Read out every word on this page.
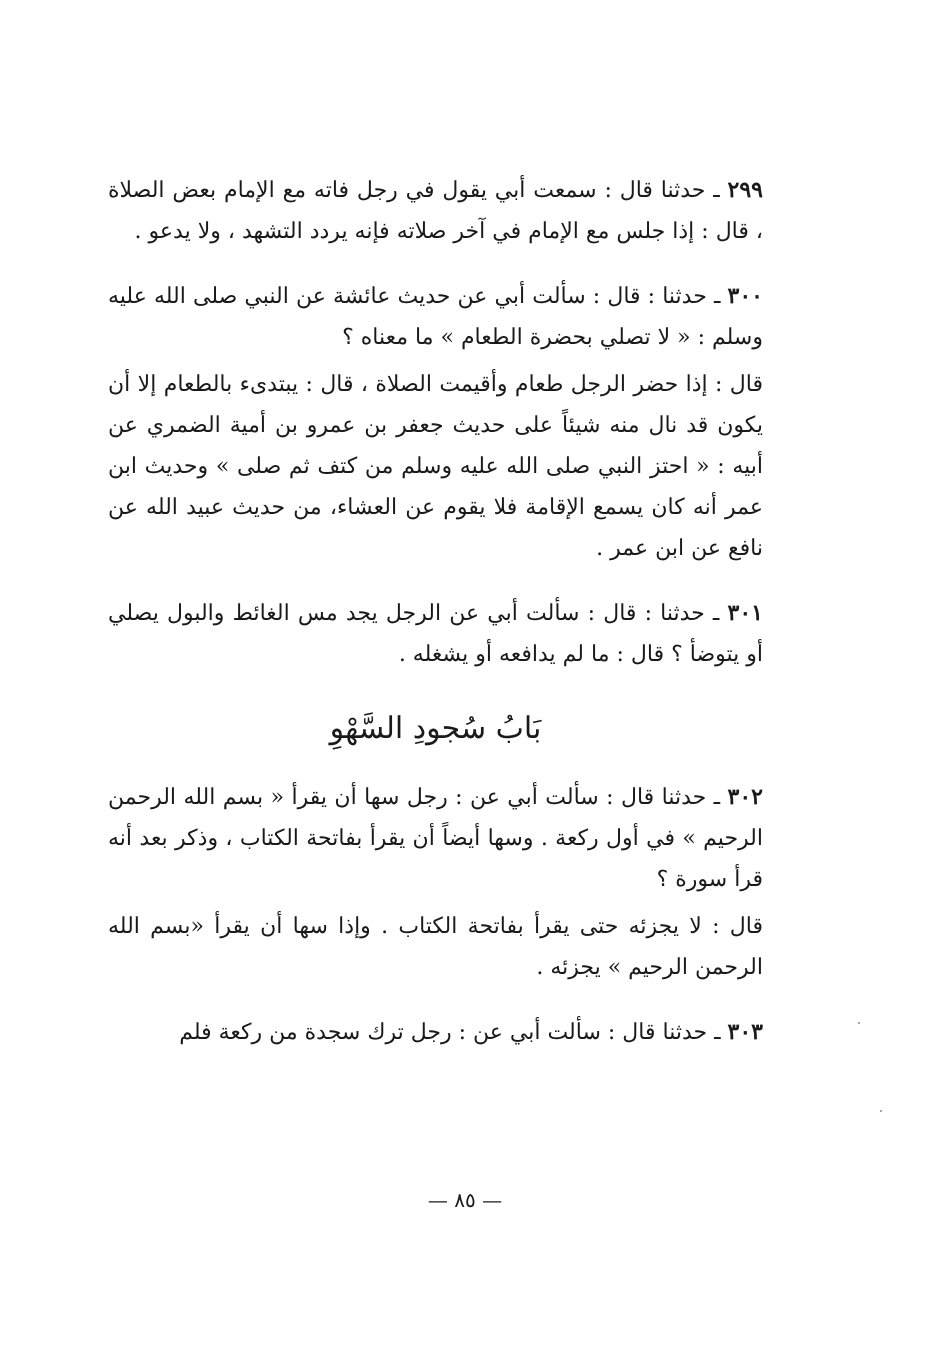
٢٩٩ ـ حدثنا قال : سمعت أبي يقول في رجل فاته مع الإمام بعض الصلاة ، قال : إذا جلس مع الإمام في آخر صلاته فإنه يردد التشهد ، ولا يدعو .

٣٠٠ ـ حدثنا : قال : سألت أبي عن حديث عائشة عن النبي صلى الله عليه وسلم : « لا تصلي بحضرة الطعام » ما معناه ؟

قال : إذا حضر الرجل طعام وأقيمت الصلاة ، قال : يبتدىء بالطعام إلا أن يكون قد نال منه شيئاً على حديث جعفر بن عمرو بن أمية الضمري عن أبيه : « احتز النبي صلى الله عليه وسلم من كتف ثم صلى » وحديث ابن عمر أنه كان يسمع الإقامة فلا يقوم عن العشاء، من حديث عبيد الله عن نافع عن ابن عمر .

٣٠١ ـ حدثنا : قال : سألت أبي عن الرجل يجد مس الغائط والبول يصلي أو يتوضأ ؟ قال : ما لم يدافعه أو يشغله .

بَابُ سُجودِ السَّهْوِ

٣٠٢ ـ حدثنا قال : سألت أبي عن : رجل سها أن يقرأ « بسم الله الرحمن الرحيم » في أول ركعة . وسها أيضاً أن يقرأ بفاتحة الكتاب ، وذكر بعد أنه قرأ سورة ؟

قال : لا يجزئه حتى يقرأ بفاتحة الكتاب . وإذا سها أن يقرأ «بسم الله الرحمن الرحيم » يجزئه .

٣٠٣ ـ حدثنا قال : سألت أبي عن : رجل ترك سجدة من ركعة فلم

— ٨٥ —
